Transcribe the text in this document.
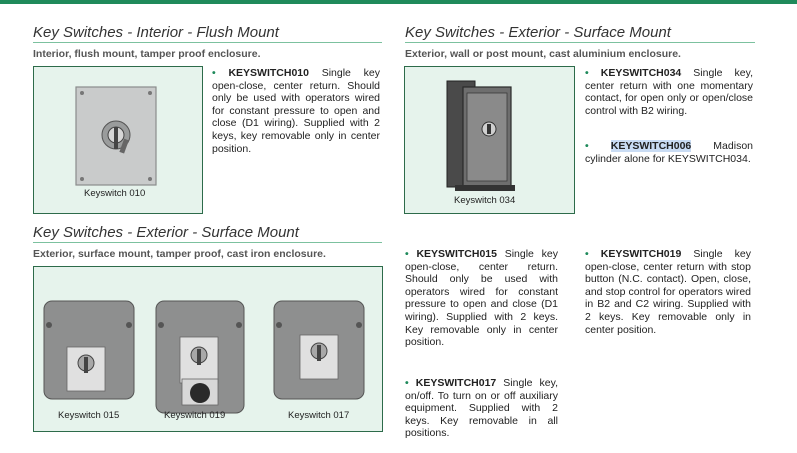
Key Switches - Interior - Flush Mount
Interior, flush mount, tamper proof enclosure.
Keyswitch 010
• KEYSWITCH010 Single key open-close, center return. Should only be used with operators wired for constant pressure to open and close (D1 wiring). Supplied with 2 keys, key removable only in center position.
Key Switches - Exterior - Surface Mount
Exterior, wall or post mount, cast aluminium enclosure.
Keyswitch 034
• KEYSWITCH034 Single key, center return with one momentary contact, for open only or open/close control with B2 wiring.
• KEYSWITCH006 Madison cylinder alone for KEYSWITCH034.
Key Switches - Exterior - Surface Mount
Exterior, surface mount, tamper proof, cast iron enclosure.
Keyswitch 015	Keyswitch 019	Keyswitch 017
• KEYSWITCH015 Single key open-close, center return. Should only be used with operators wired for constant pressure to open and close (D1 wiring). Supplied with 2 keys. Key removable only in center position.
• KEYSWITCH017 Single key, on/off. To turn on or off auxiliary equipment. Supplied with 2 keys. Key removable in all positions.
• KEYSWITCH019 Single key open-close, center return with stop button (N.C. contact). Open, close, and stop control for operators wired in B2 and C2 wiring. Supplied with 2 keys. Key removable only in center position.
